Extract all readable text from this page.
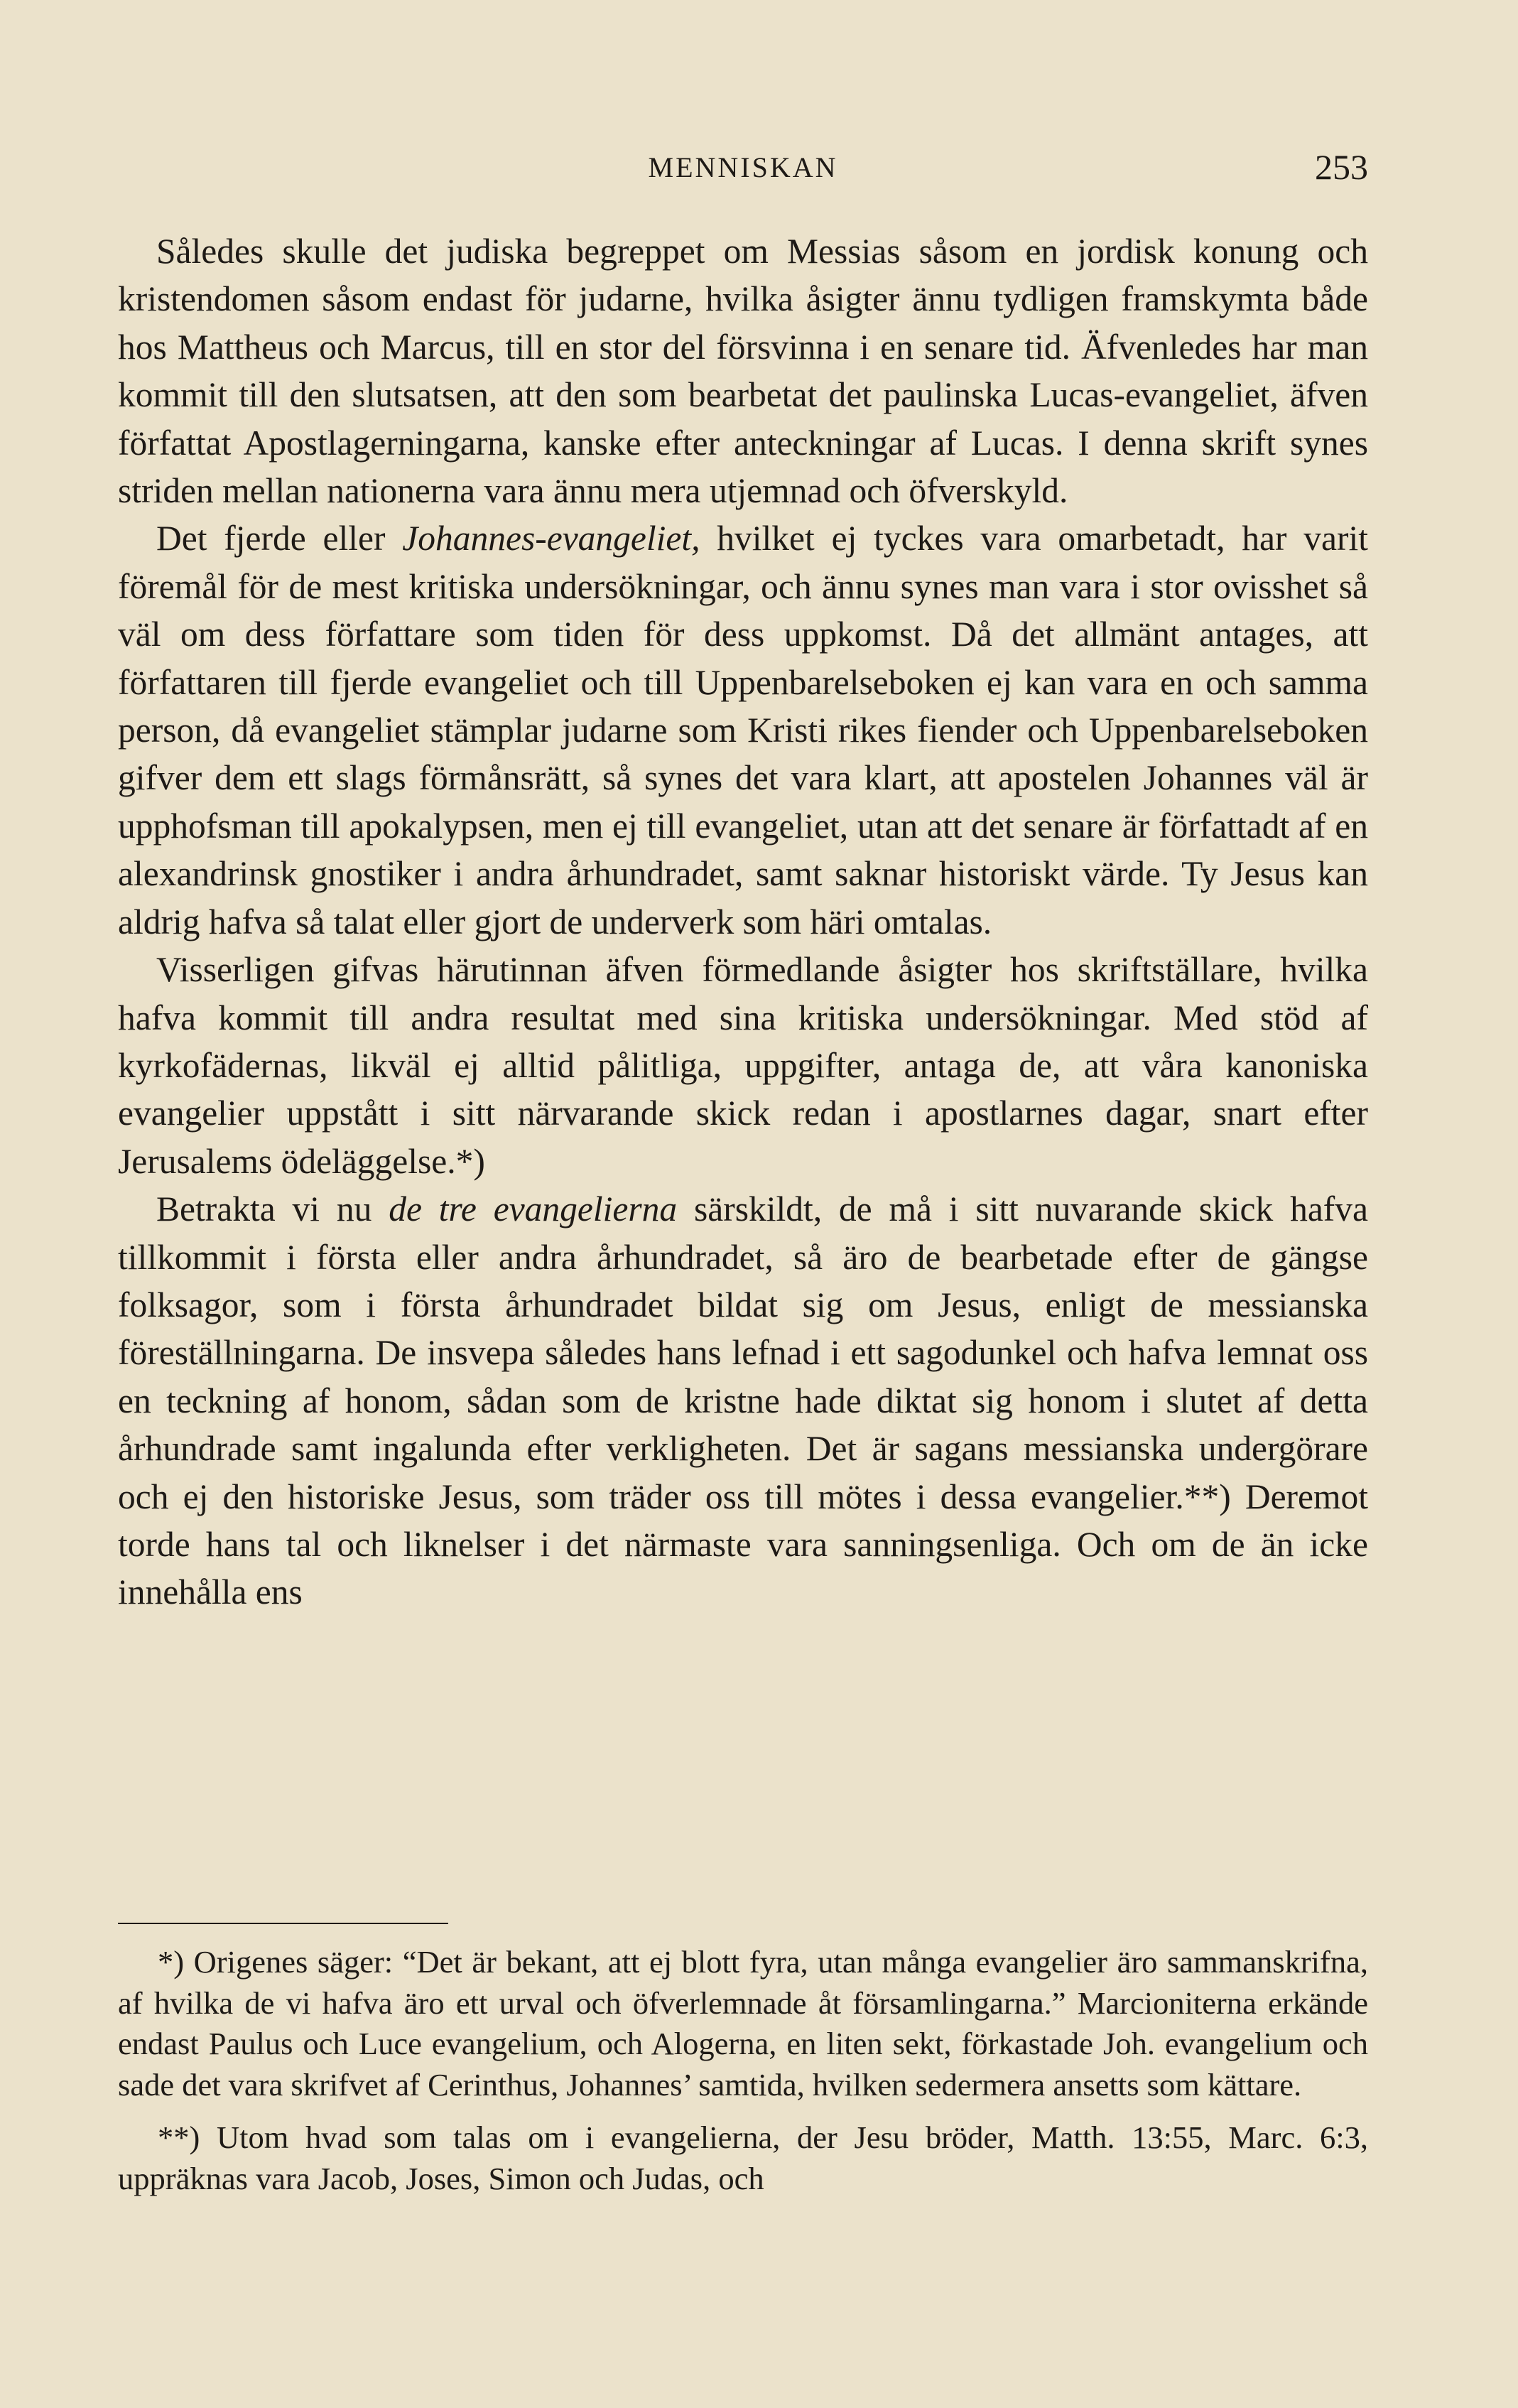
MENNISKAN	253

Således skulle det judiska begreppet om Messias såsom en jordisk konung och kristendomen såsom endast för judarne, hvilka åsigter ännu tydligen framskymta både hos Mattheus och Marcus, till en stor del försvinna i en senare tid. Äfvenledes har man kommit till den slutsatsen, att den som bearbetat det paulinska Lucas-evangeliet, äfven författat Apostlagerningarna, kanske efter anteckningar af Lucas. I denna skrift synes striden mellan nationerna vara ännu mera utjemnad och öfverskyld.

Det fjerde eller Johannes-evangeliet, hvilket ej tyckes vara omarbetadt, har varit föremål för de mest kritiska undersökningar, och ännu synes man vara i stor ovisshet så väl om dess författare som tiden för dess uppkomst. Då det allmänt antages, att författaren till fjerde evangeliet och till Uppenbarelseboken ej kan vara en och samma person, då evangeliet stämplar judarne som Kristi rikes fiender och Uppenbarelseboken gifver dem ett slags förmånsrätt, så synes det vara klart, att apostelen Johannes väl är upphofsman till apokalypsen, men ej till evangeliet, utan att det senare är författadt af en alexandrinsk gnostiker i andra århundradet, samt saknar historiskt värde. Ty Jesus kan aldrig hafva så talat eller gjort de underverk som häri omtalas.

Visserligen gifvas härutinnan äfven förmedlande åsigter hos skriftställare, hvilka hafva kommit till andra resultat med sina kritiska undersökningar. Med stöd af kyrkofädernas, likväl ej alltid pålitliga, uppgifter, antaga de, att våra kanoniska evangelier uppstått i sitt närvarande skick redan i apostlarnes dagar, snart efter Jerusalems ödeläggelse.*)

Betrakta vi nu de tre evangelierna särskildt, de må i sitt nuvarande skick hafva tillkommit i första eller andra århundradet, så äro de bearbetade efter de gängse folksagor, som i första århundradet bildat sig om Jesus, enligt de messianska föreställningarna. De insvepa således hans lefnad i ett sagodunkel och hafva lemnat oss en teckning af honom, sådan som de kristne hade diktat sig honom i slutet af detta århundrade samt ingalunda efter verkligheten. Det är sagans messianska undergörare och ej den historiske Jesus, som träder oss till mötes i dessa evangelier.**) Deremot torde hans tal och liknelser i det närmaste vara sanningsenliga. Och om de än icke innehålla ens

*) Origenes säger: “Det är bekant, att ej blott fyra, utan många evangelier äro sammanskrifna, af hvilka de vi hafva äro ett urval och öfverlemnade åt församlingarna.” Marcioniterna erkände endast Paulus och Luce evangelium, och Alogerna, en liten sekt, förkastade Joh. evangelium och sade det vara skrifvet af Cerinthus, Johannes’ samtida, hvilken sedermera ansetts som kättare.

**) Utom hvad som talas om i evangelierna, der Jesu bröder, Matth. 13:55, Marc. 6:3, uppräknas vara Jacob, Joses, Simon och Judas, och
